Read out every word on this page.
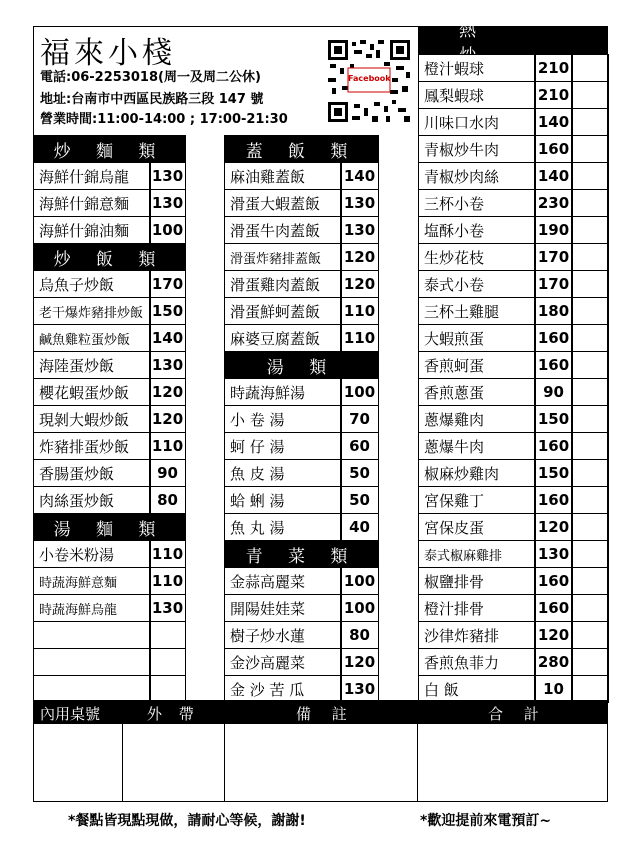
福來小棧
電話:06-2253018(周一及周二公休)
地址:台南市中西區民族路三段 147 號
營業時間:11:00-14:00 ; 17:00-21:30
Facebook
熱 炒
炒 麵 類
海鮮什錦烏龍	130
海鮮什錦意麵	130
海鮮什錦油麵	100
炒 飯 類
烏魚子炒飯	170
老干爆炸豬排炒飯 150
鹹魚雞粒蛋炒飯	140
海陸蛋炒飯	130
櫻花蝦蛋炒飯	120
現剝大蝦炒飯	120
炸豬排蛋炒飯	110
香腸蛋炒飯	90
肉絲蛋炒飯	80
湯 麵 類
小卷米粉湯	110
時蔬海鮮意麵	110
時蔬海鮮烏龍	130
蓋 飯 類
麻油雞蓋飯	140
滑蛋大蝦蓋飯	130
滑蛋牛肉蓋飯	130
滑蛋炸豬排蓋飯	120
滑蛋雞肉蓋飯	120
滑蛋鮮蚵蓋飯	110
麻婆豆腐蓋飯	110
湯 類
時蔬海鮮湯	100
小 卷 湯	70
蚵 仔 湯	60
魚 皮 湯	50
蛤 蜊 湯	50
魚 丸 湯	40
青 菜 類
金蒜高麗菜	100
開陽娃娃菜	100
樹子炒水蓮	80
金沙高麗菜	120
金 沙 苦 瓜	130
橙汁蝦球	210
鳳梨蝦球	210
川味口水肉	140
青椒炒牛肉	160
青椒炒肉絲	140
三杯小卷	230
塩酥小卷	190
生炒花枝	170
泰式小卷	170
三杯土雞腿	180
大蝦煎蛋	160
香煎蚵蛋	160
香煎蔥蛋	90
蔥爆雞肉	150
蔥爆牛肉	160
椒麻炒雞肉	150
宮保雞丁	160
宮保皮蛋	120
泰式椒麻雞排	130
椒鹽排骨	160
橙汁排骨	160
沙律炸豬排	120
香煎魚菲力	280
白 飯	10
內用桌號	外 帶	備 註	合 計
*餐點皆現點現做，請耐心等候，謝謝!	*歡迎提前來電預訂~
